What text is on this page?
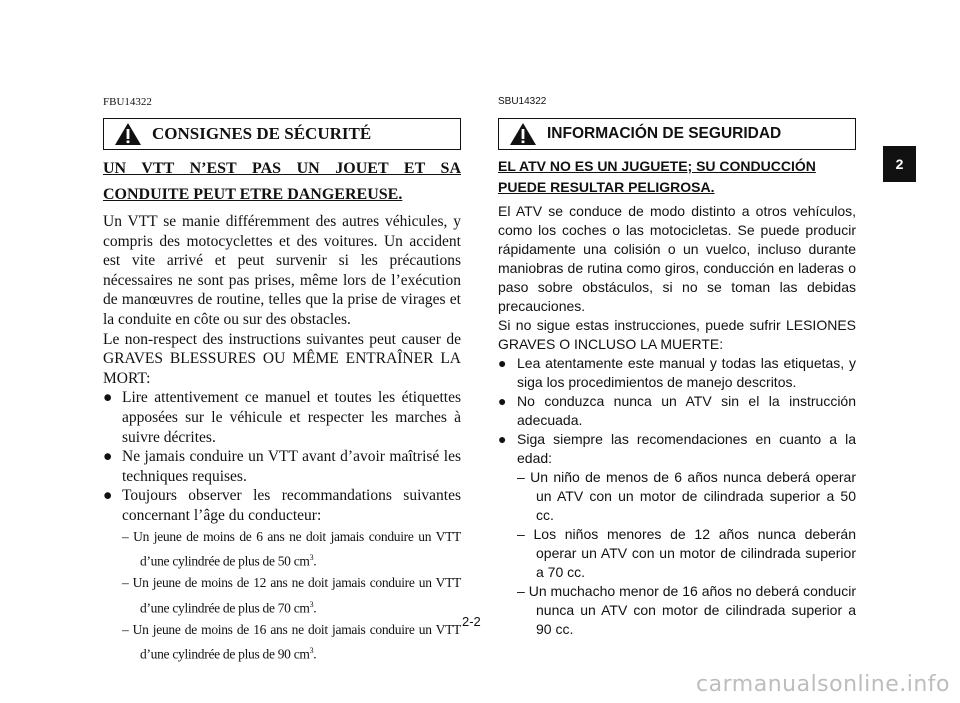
FBU14322
CONSIGNES DE SÉCURITÉ
UN VTT N’EST PAS UN JOUET ET SA
CONDUITE PEUT ETRE DANGEREUSE.
Un VTT se manie différemment des autres véhicules, y compris des motocyclettes et des voitures. Un accident est vite arrivé et peut survenir si les précautions nécessaires ne sont pas prises, même lors de l’exécution de manœuvres de routine, telles que la prise de virages et la conduite en côte ou sur des obstacles.
Le non-respect des instructions suivantes peut causer de GRAVES BLESSURES OU MÊME ENTRAÎNER LA MORT:
● Lire attentivement ce manuel et toutes les étiquettes apposées sur le véhicule et respecter les marches à suivre décrites.
● Ne jamais conduire un VTT avant d’avoir maîtrisé les techniques requises.
● Toujours observer les recommandations suivantes concernant l’âge du conducteur:
– Un jeune de moins de 6 ans ne doit jamais conduire un VTT d’une cylindrée de plus de 50 $cm^3$.
– Un jeune de moins de 12 ans ne doit jamais conduire un VTT d’une cylindrée de plus de 70 $cm^3$.
– Un jeune de moins de 16 ans ne doit jamais conduire un VTT d’une cylindrée de plus de 90 $cm^3$.
SBU14322
INFORMACIÓN DE SEGURIDAD
EL ATV NO ES UN JUGUETE; SU CONDUCCIÓN PUEDE RESULTAR PELIGROSA.
El ATV se conduce de modo distinto a otros vehículos, como los coches o las motocicletas. Se puede producir rápidamente una colisión o un vuelco, incluso durante maniobras de rutina como giros, conducción en laderas o paso sobre obstáculos, si no se toman las debidas precauciones.
Si no sigue estas instrucciones, puede sufrir LESIONES GRAVES O INCLUSO LA MUERTE:
● Lea atentamente este manual y todas las etiquetas, y siga los procedimientos de manejo descritos.
● No conduzca nunca un ATV sin el la instrucción adecuada.
● Siga siempre las recomendaciones en cuanto a la edad:
– Un niño de menos de 6 años nunca deberá operar un ATV con un motor de cilindrada superior a 50 cc.
– Los niños menores de 12 años nunca deberán operar un ATV con un motor de cilindrada superior a 70 cc.
– Un muchacho menor de 16 años no deberá conducir nunca un ATV con motor de cilindrada superior a 90 cc.
2-2
2
carmanualsonline.info
